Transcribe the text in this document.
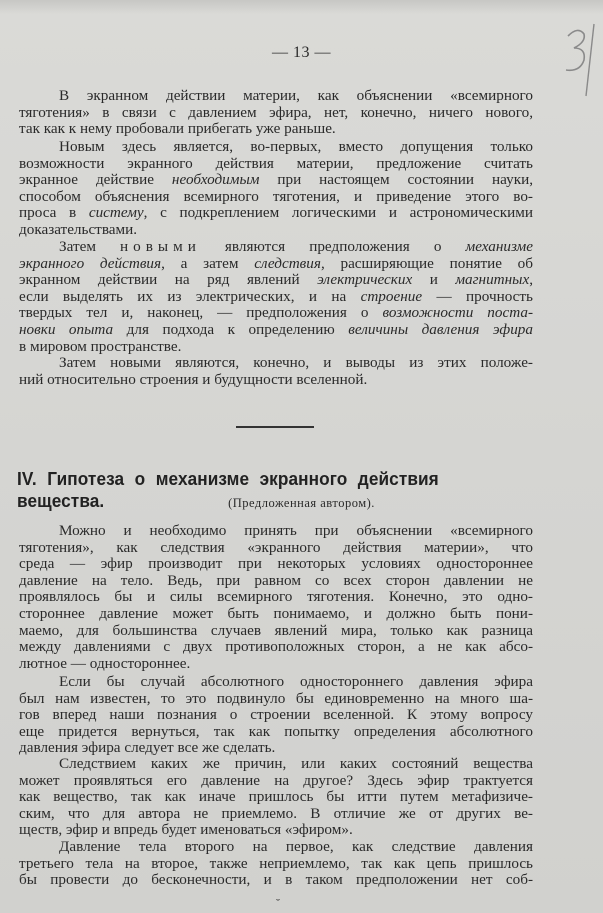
— 13 —
В экранном действии материи, как объяснении «всемирного
тяготения» в связи с давлением эфира, нет, конечно, ничего нового,
так как к нему пробовали прибегать уже раньше.
Новым здесь является, во-первых, вместо допущения только
возможности экранного действия материи, предложение считать
экранное действие необходимым при настоящем состоянии науки,
способом объяснения всемирного тяготения, и приведение этого во-
проса в систему, с подкреплением логическими и астрономическими
доказательствами.
Затем новыми являются предположения о механизме
экранного действия, а затем следствия, расширяющие понятие об
экранном действии на ряд явлений электрических и магнитных,
если выделять их из электрических, и на строение — прочность
твердых тел и, наконец, — предположения о возможности поста-
новки опыта для подхода к определению величины давления эфира
в мировом пространстве.
Затем новыми являются, конечно, и выводы из этих положе-
ний относительно строения и будущности вселенной.
IV. Гипотеза о механизме экранного действия вещества.	(Предложенная автором).
Можно и необходимо принять при объяснении «всемирного
тяготения», как следствия «экранного действия материи», что
среда — эфир производит при некоторых условиях одностороннее
давление на тело. Ведь, при равном со всех сторон давлении не
проявлялось бы и силы всемирного тяготения. Конечно, это одно-
стороннее давление может быть понимаемо, и должно быть пони-
маемо, для большинства случаев явлений мира, только как разница
между давлениями с двух противоположных сторон, а не как абсо-
лютное — одностороннее.
Если бы случай абсолютного одностороннего давления эфира
был нам известен, то это подвинуло бы единовременно на много ша-
гов вперед наши познания о строении вселенной. К этому вопросу
еще придется вернуться, так как попытку определения абсолютного
давления эфира следует все же сделать.
Следствием каких же причин, или каких состояний вещества
может проявляться его давление на другое? Здесь эфир трактуется
как вещество, так как иначе пришлось бы итти путем метафизиче-
ским, что для автора не приемлемо. В отличие же от других ве-
ществ, эфир и впредь будет именоваться «эфиром».
Давление тела второго на первое, как следствие давления
третьего тела на второе, также неприемлемо, так как цепь пришлось
бы провести до бесконечности, и в таком предположении нет соб-
˘
